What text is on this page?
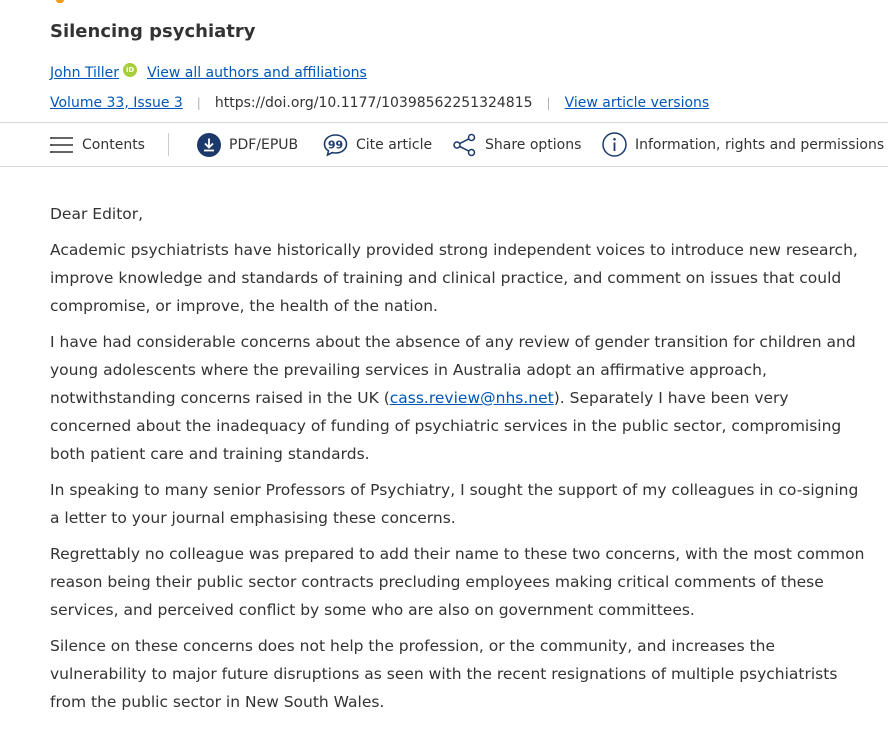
Silencing psychiatry
John Tiller iD View all authors and affiliations
Volume 33, Issue 3 | https://doi.org/10.1177/10398562251324815 | View article versions
Contents	PDF/EPUB	99 Cite article	Share options	Information, rights and permissions

Dear Editor,

Academic psychiatrists have historically provided strong independent voices to introduce new research, improve knowledge and standards of training and clinical practice, and comment on issues that could compromise, or improve, the health of the nation.

I have had considerable concerns about the absence of any review of gender transition for children and young adolescents where the prevailing services in Australia adopt an affirmative approach, notwithstanding concerns raised in the UK (cass.review@nhs.net). Separately I have been very concerned about the inadequacy of funding of psychiatric services in the public sector, compromising both patient care and training standards.

In speaking to many senior Professors of Psychiatry, I sought the support of my colleagues in co-signing a letter to your journal emphasising these concerns.

Regrettably no colleague was prepared to add their name to these two concerns, with the most common reason being their public sector contracts precluding employees making critical comments of these services, and perceived conflict by some who are also on government committees.

Silence on these concerns does not help the profession, or the community, and increases the vulnerability to major future disruptions as seen with the recent resignations of multiple psychiatrists from the public sector in New South Wales.
